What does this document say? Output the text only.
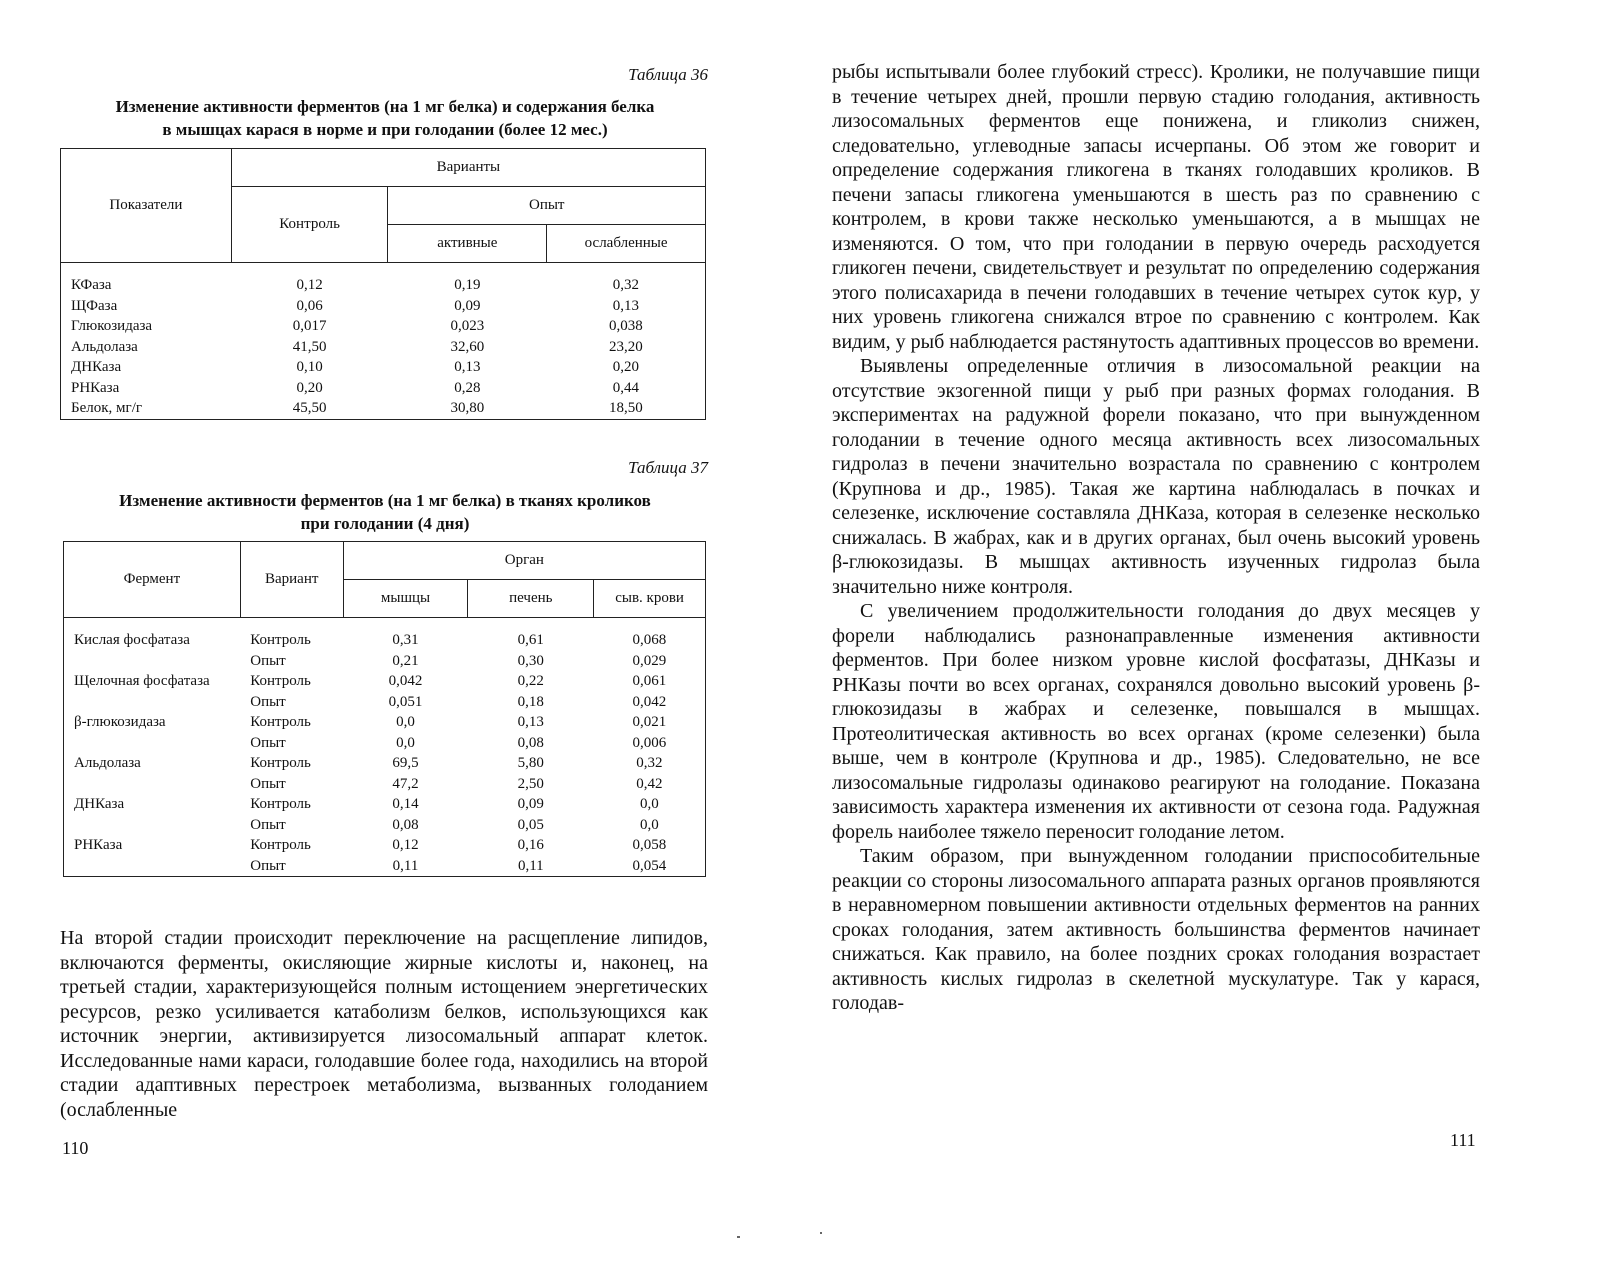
Таблица 36
Изменение активности ферментов (на 1 мг белка) и содержания белка
в мышцах карася в норме и при голодании (более 12 мес.)
Показатели	Варианты		
	Контроль	Опыт	
		активные	ослабленные
КФаза	0,12	0,19	0,32
ЩФаза	0,06	0,09	0,13
Глюкозидаза	0,017	0,023	0,038
Альдолаза	41,50	32,60	23,20
ДНКаза	0,10	0,13	0,20
РНКаза	0,20	0,28	0,44
Белок, мг/г	45,50	30,80	18,50
Таблица 37
Изменение активности ферментов (на 1 мг белка) в тканях кроликов
при голодании (4 дня)
Фермент	Вариант	Орган		
		мышцы	печень	сыв. крови
Кислая фосфатаза	Контроль	0,31	0,61	0,068
	Опыт	0,21	0,30	0,029
Щелочная фосфатаза	Контроль	0,042	0,22	0,061
	Опыт	0,051	0,18	0,042
β-глюкозидаза	Контроль	0,0	0,13	0,021
	Опыт	0,0	0,08	0,006
Альдолаза	Контроль	69,5	5,80	0,32
	Опыт	47,2	2,50	0,42
ДНКаза	Контроль	0,14	0,09	0,0
	Опыт	0,08	0,05	0,0
РНКаза	Контроль	0,12	0,16	0,058
	Опыт	0,11	0,11	0,054

На второй стадии происходит переключение на расщепление липидов, включаются ферменты, окисляющие жирные кислоты и, наконец, на третьей стадии, характеризующейся полным истощением энергетических ресурсов, резко усиливается катаболизм белков, использующихся как источник энергии, активизируется лизосомальный аппарат клеток. Исследованные нами караси, голодавшие более года, находились на второй стадии адаптивных перестроек метаболизма, вызванных голоданием (ослабленные

110

рыбы испытывали более глубокий стресс). Кролики, не получавшие пищи в течение четырех дней, прошли первую стадию голодания, активность лизосомальных ферментов еще понижена, и гликолиз снижен, следовательно, углеводные запасы исчерпаны. Об этом же говорит и определение содержания гликогена в тканях голодавших кроликов. В печени запасы гликогена уменьшаются в шесть раз по сравнению с контролем, в крови также несколько уменьшаются, а в мышцах не изменяются. О том, что при голодании в первую очередь расходуется гликоген печени, свидетельствует и результат по определению содержания этого полисахарида в печени голодавших в течение четырех суток кур, у них уровень гликогена снижался втрое по сравнению с контролем. Как видим, у рыб наблюдается растянутость адаптивных процессов во времени.

Выявлены определенные отличия в лизосомальной реакции на отсутствие экзогенной пищи у рыб при разных формах голодания. В экспериментах на радужной форели показано, что при вынужденном голодании в течение одного месяца активность всех лизосомальных гидролаз в печени значительно возрастала по сравнению с контролем (Крупнова и др., 1985). Такая же картина наблюдалась в почках и селезенке, исключение составляла ДНКаза, которая в селезенке несколько снижалась. В жабрах, как и в других органах, был очень высокий уровень β-глюкозидазы. В мышцах активность изученных гидролаз была значительно ниже контроля.

С увеличением продолжительности голодания до двух месяцев у форели наблюдались разнонаправленные изменения активности ферментов. При более низком уровне кислой фосфатазы, ДНКазы и РНКазы почти во всех органах, сохранялся довольно высокий уровень β-глюкозидазы в жабрах и селезенке, повышался в мышцах. Протеолитическая активность во всех органах (кроме селезенки) была выше, чем в контроле (Крупнова и др., 1985). Следовательно, не все лизосомальные гидролазы одинаково реагируют на голодание. Показана зависимость характера изменения их активности от сезона года. Радужная форель наиболее тяжело переносит голодание летом.

Таким образом, при вынужденном голодании приспособительные реакции со стороны лизосомального аппарата разных органов проявляются в неравномерном повышении активности отдельных ферментов на ранних сроках голодания, затем активность большинства ферментов начинает снижаться. Как правило, на более поздних сроках голодания возрастает активность кислых гидролаз в скелетной мускулатуре. Так у карася, голодав-

111
